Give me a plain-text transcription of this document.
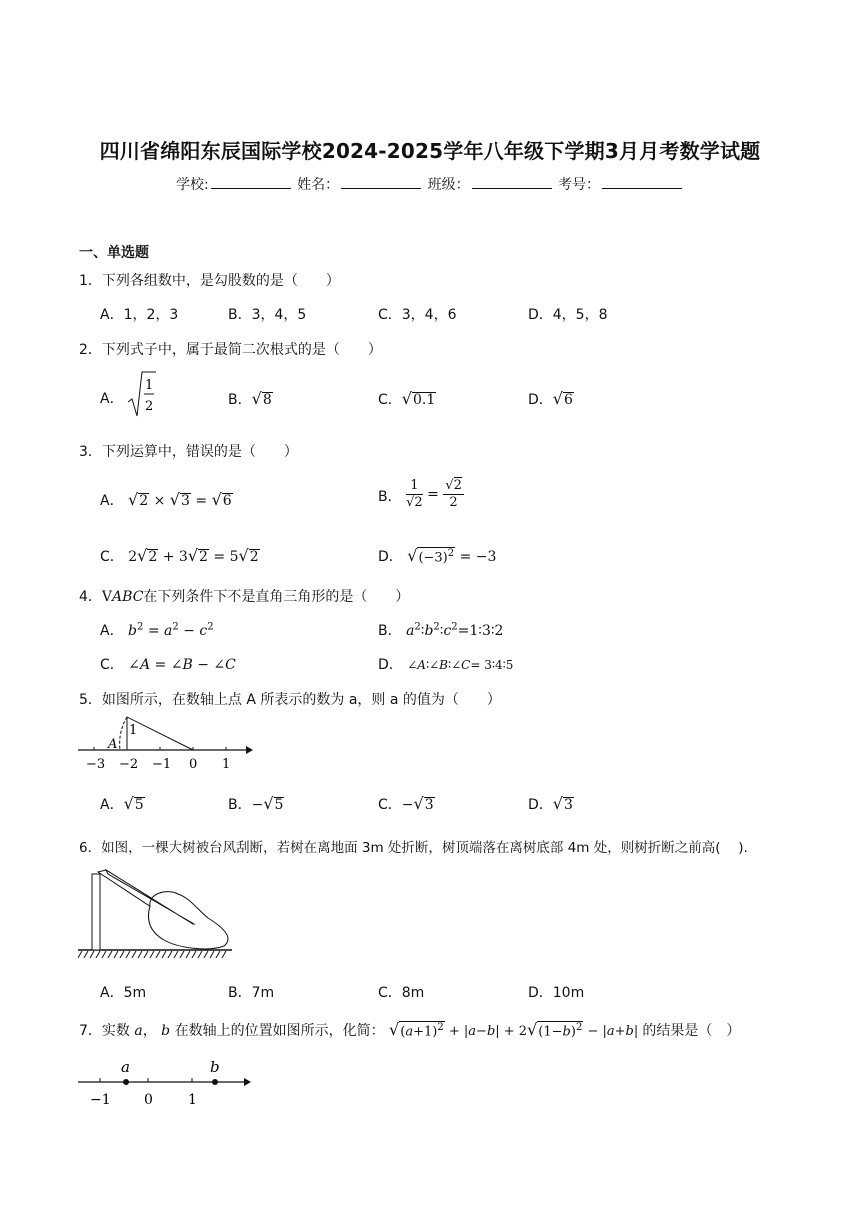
四川省绵阳东辰国际学校2024-2025学年八年级下学期3月月考数学试题
学校:	姓名：	班级：	考号：
一、单选题
1．下列各组数中，是勾股数的是（　　）
A．1，2，3	B．3，4，5	C．3，4，6	D．4，5，8
2．下列式子中，属于最简二次根式的是（　　）
A．
1
2	B．√8	C．√0.1	D．√6
3．下列运算中，错误的是（　　）
A． √2 × √3 = √6	B． $\frac{1}{√2} = \frac{√2}{2}$
C． 2√2 + 3√2 = 5√2	D． $√(-3)^2 = -3$
4．VABC在下列条件下不是直角三角形的是（　　）
A． $b^2 = a^2 - c^2$	B． $a^2∶b^2∶c^2=1∶3∶2$
C． ∠A = ∠B − ∠C	D． ∠A∶∠B∶∠C= 3∶4∶5
5．如图所示，在数轴上点 A 所表示的数为 a，则 a 的值为（　　）
1
A
−3 −2 −1 0 1
A．√5	B．−√5	C．−√3	D．√3
6．如图，一棵大树被台风刮断，若树在离地面 3m 处折断，树顶端落在离树底部 4m 处，则树折断之前高(　 ).
A．5m	B．7m	C．8m	D．10m
7．实数 a， b 在数轴上的位置如图所示，化简： $√(a+1)^2 + |a-b| + 2√(1-b)^2 - |a+b|$ 的结果是（　）
a	b
−1 0	1
